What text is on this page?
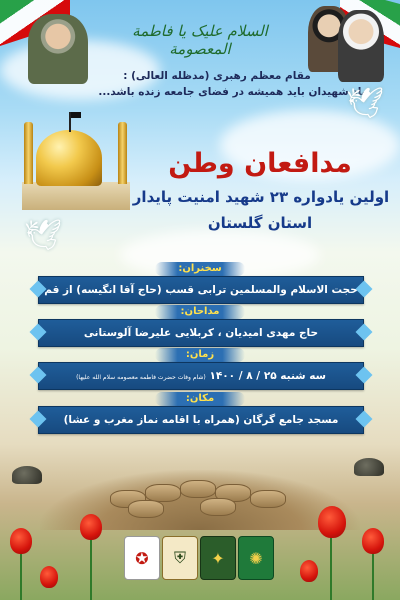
السلام علیک یا فاطمة المعصومة
مقام معظم رهبری (مدظله العالی) :
یاد شهیدان باید همیشه در فضای جامعه زنده باشد...
🕊
🕊
مدافعان وطن
اولین یادواره ۲۳ شهید امنیت پایدار
استان گلستان
سخنران:
حجت الاسلام والمسلمین ترابی قسب (حاج آقا انگیسه) از قم
مداحان:
حاج مهدی امیدیان ، کربلایی علیرضا آلوستانی
زمان:
سه شنبه ۲۵ / ۸ / ۱۴۰۰ (شام وفات حضرت فاطمه معصومه سلام الله علیها)
مکان:
مسجد جامع گرگان (همراه با اقامه نماز مغرب و عشا)
✪	⛨	✦	✺
